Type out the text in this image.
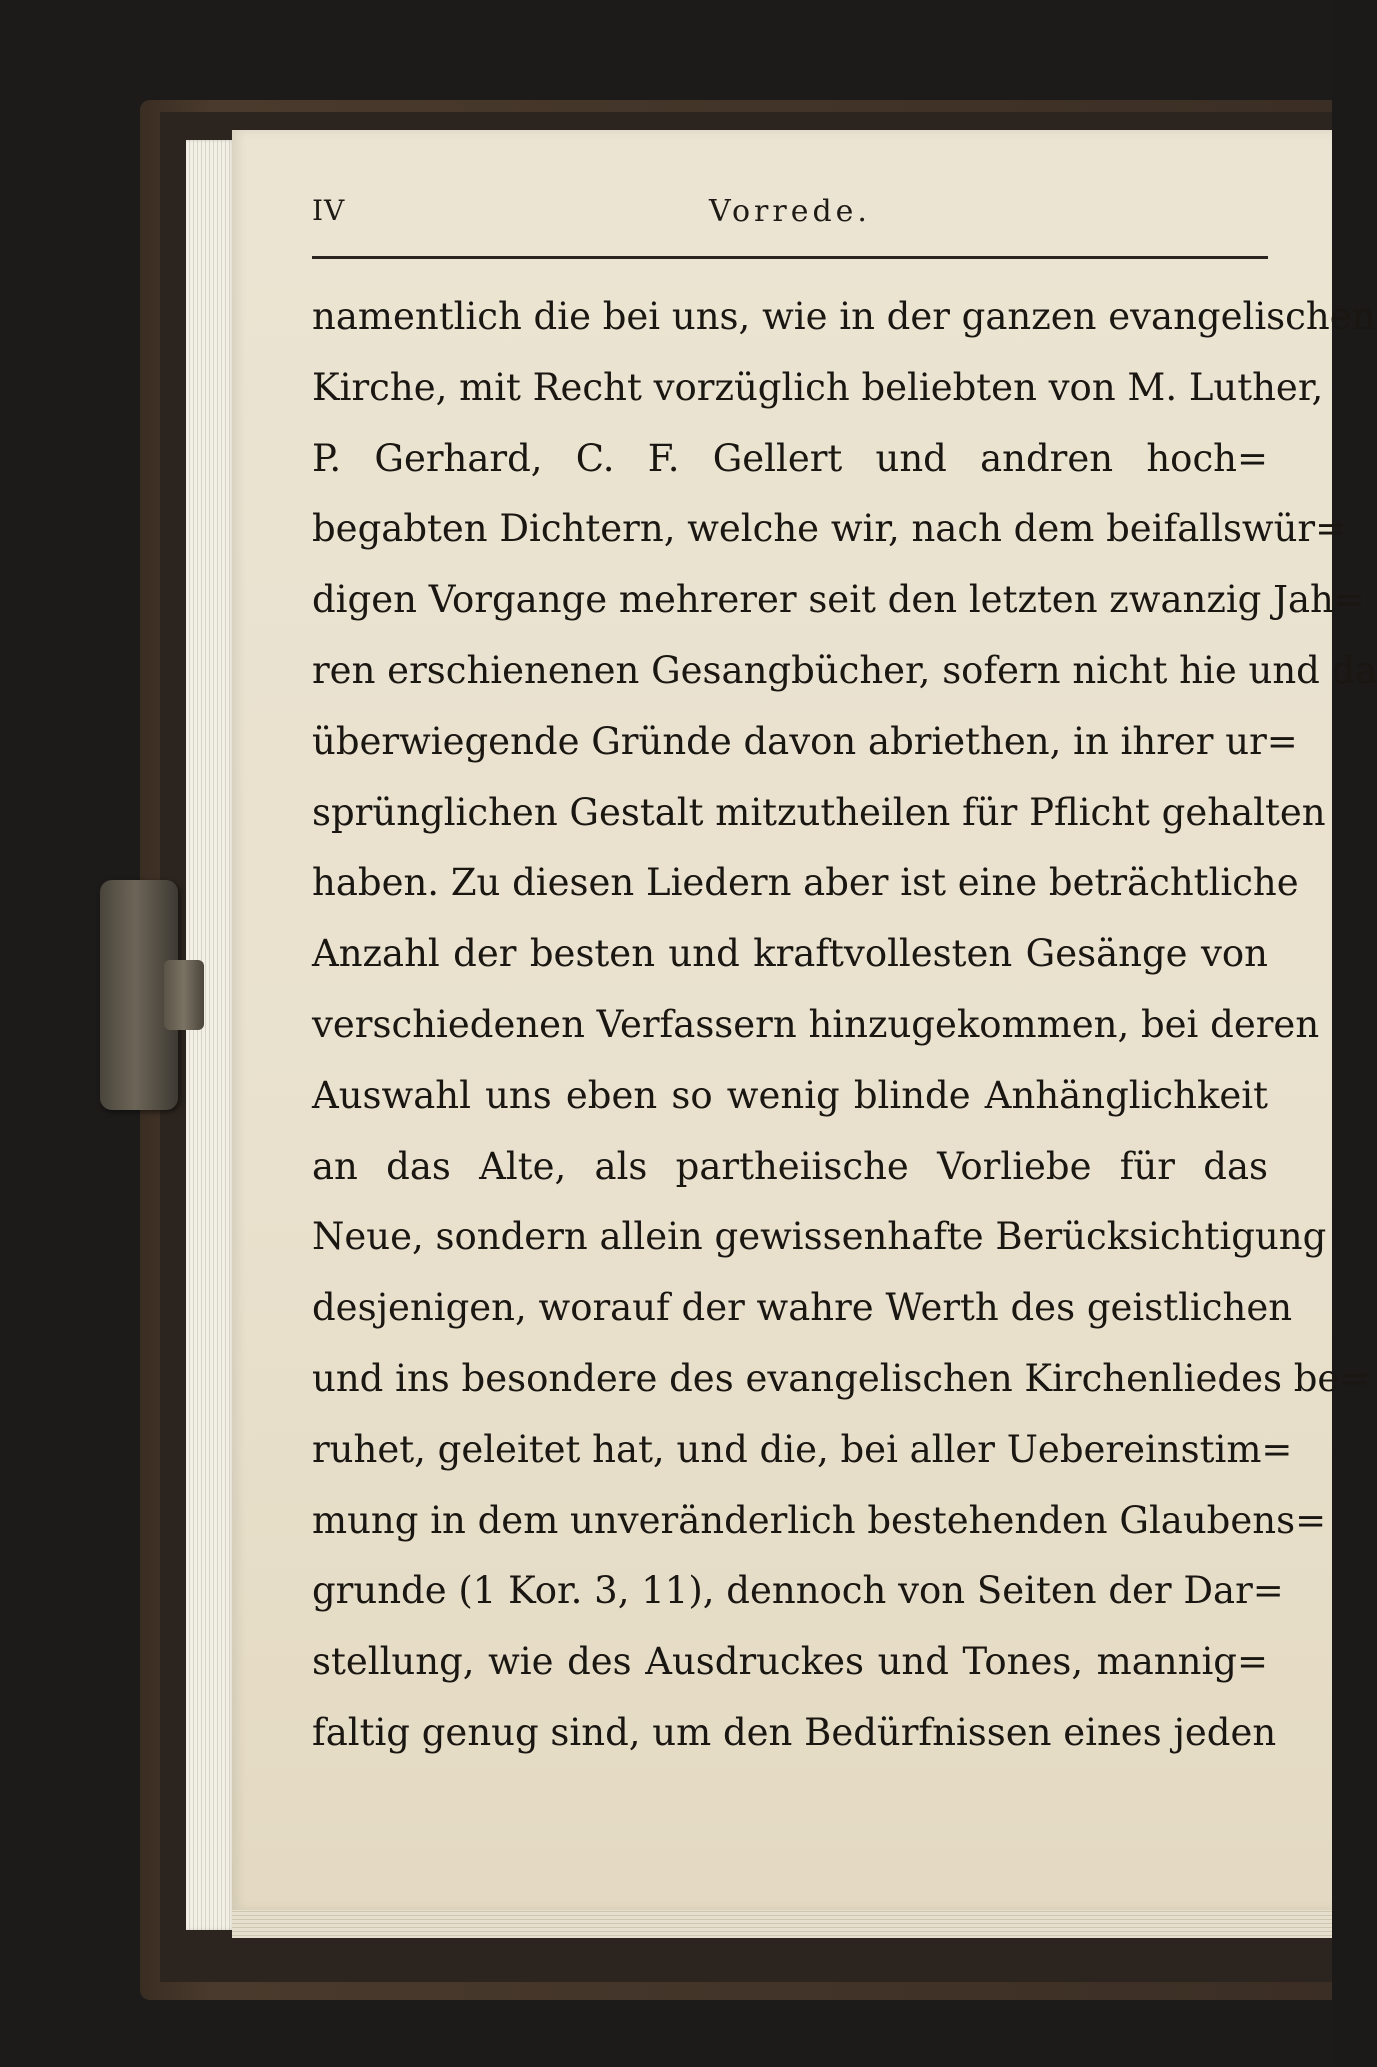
IV	Vorrede.
namentlich die bei uns, wie in der ganzen evangelischen
Kirche, mit Recht vorzüglich beliebten von M. Luther,
P. Gerhard, C. F. Gellert und andren hoch=
begabten Dichtern, welche wir, nach dem beifallswür=
digen Vorgange mehrerer seit den letzten zwanzig Jah=
ren erschienenen Gesangbücher, sofern nicht hie und da
überwiegende Gründe davon abriethen, in ihrer ur=
sprünglichen Gestalt mitzutheilen für Pflicht gehalten
haben. Zu diesen Liedern aber ist eine beträchtliche
Anzahl der besten und kraftvollesten Gesänge von
verschiedenen Verfassern hinzugekommen, bei deren
Auswahl uns eben so wenig blinde Anhänglichkeit
an das Alte, als partheiische Vorliebe für das
Neue, sondern allein gewissenhafte Berücksichtigung
desjenigen, worauf der wahre Werth des geistlichen
und ins besondere des evangelischen Kirchenliedes be=
ruhet, geleitet hat, und die, bei aller Uebereinstim=
mung in dem unveränderlich bestehenden Glaubens=
grunde (1 Kor. 3, 11), dennoch von Seiten der Dar=
stellung, wie des Ausdruckes und Tones, mannig=
faltig genug sind, um den Bedürfnissen eines jeden
